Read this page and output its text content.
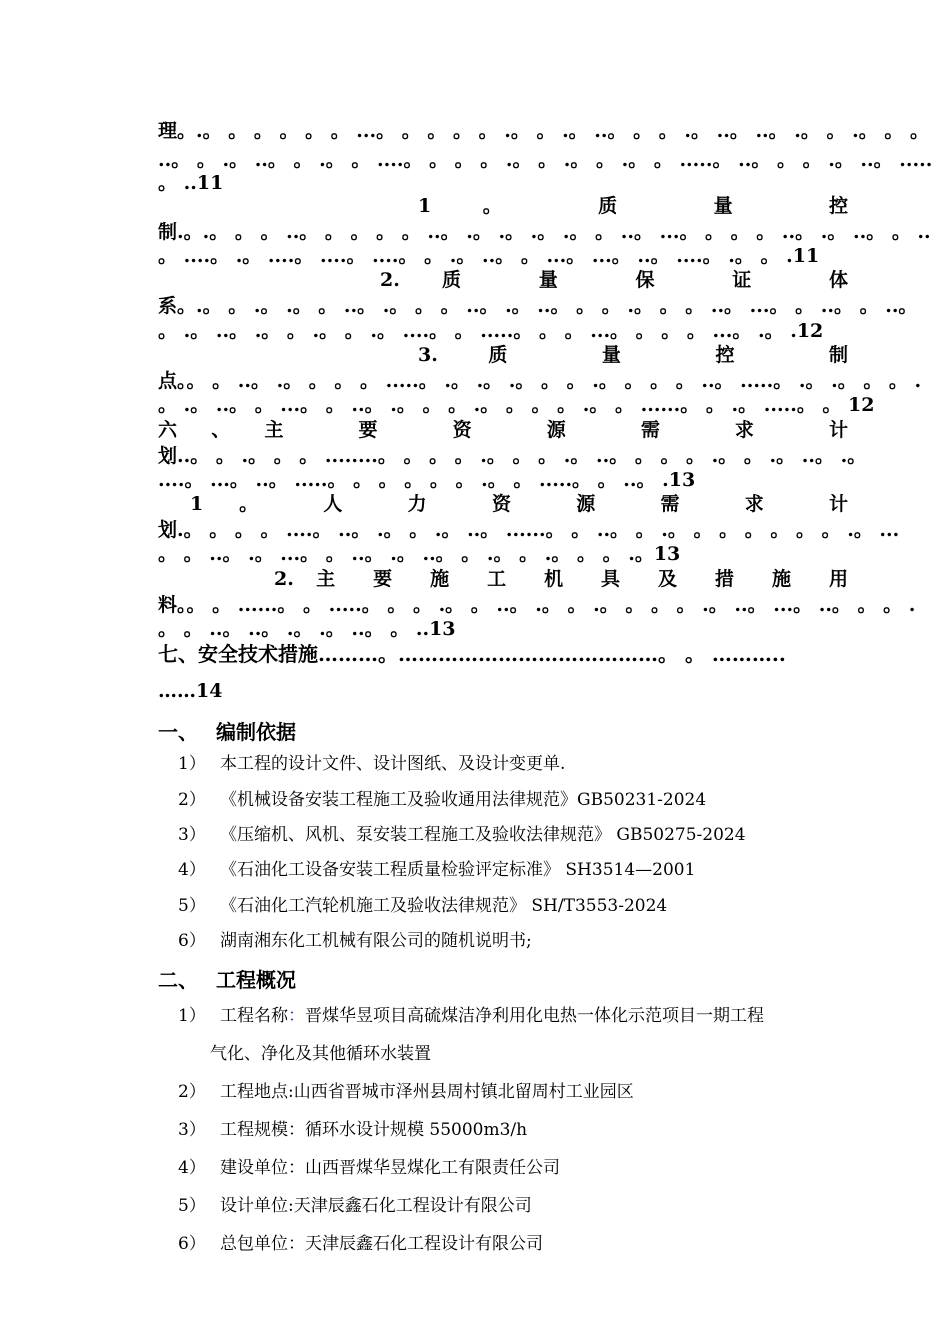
理。.。 。 。 。 。 。 ...。 。 。 。 。 .。 。 .。 ..。 。 。 .。 ..。 ..。 .。 。 .。 。 。
..。 。 .。 ..。 。 .。 。 ....。 。 。 。 .。 。 .。 。 .。 。 .....。 ..。 。 。 .。 ..。 .....
。 ..11
1 。 质 量 控
制.。.。 。 。 ..。 。 。 。 。 ..。 .。 .。 .。 .。 。 ..。 ...。 。 。 。 ..。 .。 ..。 。 ..
。 ....。 .。 ....。 ....。 ....。 。 .。 ..。 。 ...。 ...。 ..。 ....。 .。 。 .11
2. 质 量 保 证 体
系。.。 。 .。 .。 。 ..。 .。 。 。 ..。 .。 ..。 。 。 .。 。 。 ..。 ...。 。 ..。 。 ..。
。 .。 ..。 .。 。 .。 。 .。 ....。 。 .....。 。 。 ...。 。 。 。 ...。 .。 .12
3. 质 量 控 制
点。。 。 ..。 .。 。 。 。 .....。 .。 .。 .。 。 。 .。 。 。 。 ..。 .....。 .。 .。 。 。 .
。 .。 ..。 。 ...。 。 ..。 .。 。 。 .。 。 。 。 .。 。 ......。 。 .。 .....。 。 12
六、主 要 资 源 需 求 计
划..。 。 .。 。 。 ........。 。 。 。 .。 。 。 .。 ..。 。 。 。 .。 。 .。 ..。 .。
....。 ...。 ..。 .....。 。 。 。 。 。 .。 。 .....。 。 ..。 .13
1 。 人 力 资 源 需 求 计
划.。 。 。 。 ....。 ..。 .。 。 .。 ..。 ......。 。 ..。 。 .。 。 。 。 。 。 。 .。 ...
。 。 ..。 .。 ...。 。 ..。 .。 ..。 。 .。 。 .。 。 。 .。13
2. 主 要 施 工 机 具 及 措 施 用
料。。 。 ......。 。 .....。 。 。 .。 。 ..。 .。 。 .。 。 。 。 .。 ..。 ...。 ..。 。 。 .
。 。 ..。 ..。 .。 .。 ..。 。 ..13
七、安全技术措施………。…………………………………。 。 ………..
……14
一、 编制依据
1） 本工程的设计文件、设计图纸、及设计变更单.
2） 《机械设备安装工程施工及验收通用法律规范》GB50231-2024
3） 《压缩机、风机、泵安装工程施工及验收法律规范》 GB50275-2024
4） 《石油化工设备安装工程质量检验评定标准》 SH3514—2001
5） 《石油化工汽轮机施工及验收法律规范》 SH/T3553-2024
6） 湖南湘东化工机械有限公司的随机说明书;
二、 工程概况
1） 工程名称：晋煤华昱项目高硫煤洁净利用化电热一体化示范项目一期工程
气化、净化及其他循环水装置
2） 工程地点:山西省晋城市泽州县周村镇北留周村工业园区
3） 工程规模：循环水设计规模 55000m3/h
4） 建设单位：山西晋煤华昱煤化工有限责任公司
5） 设计单位:天津辰鑫石化工程设计有限公司
6） 总包单位：天津辰鑫石化工程设计有限公司
